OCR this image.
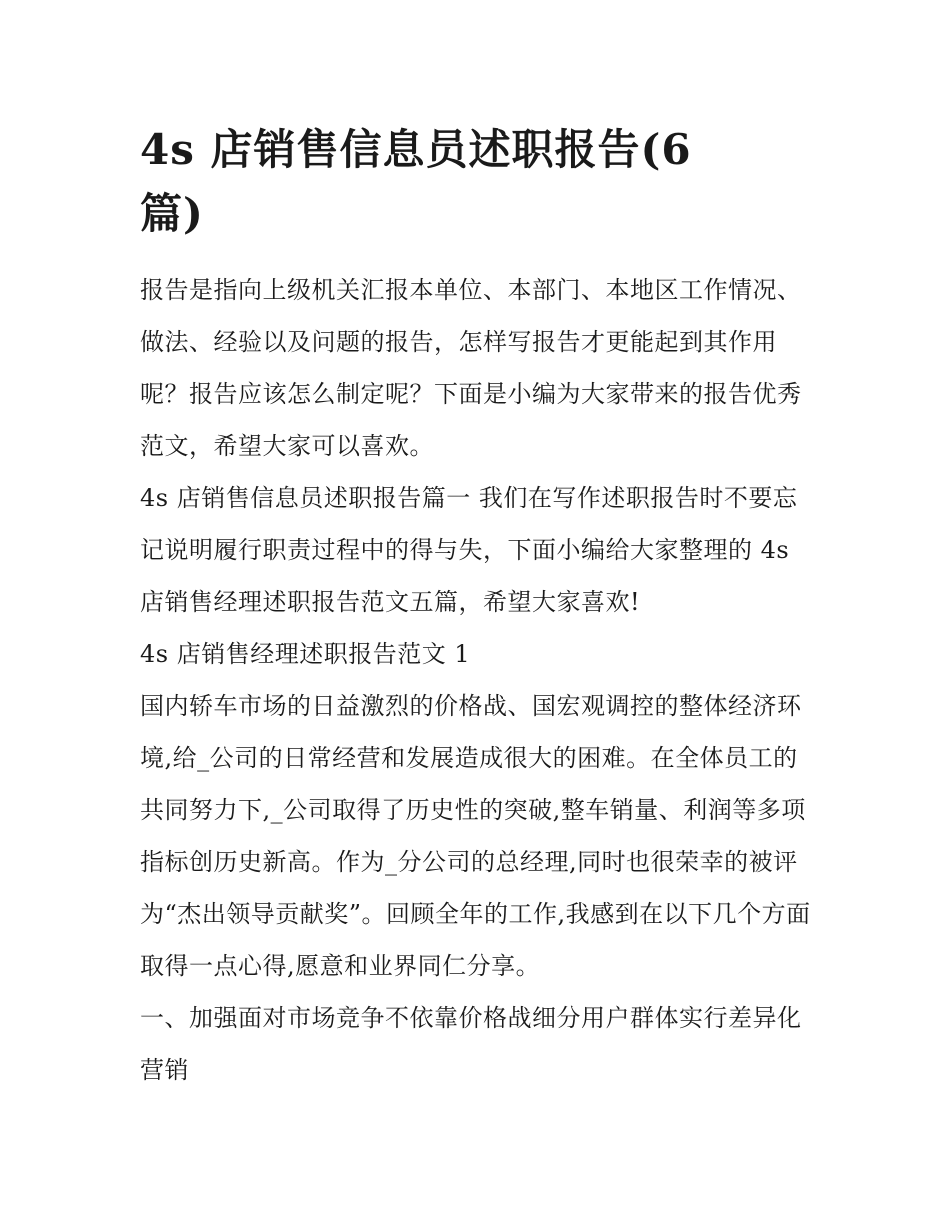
4s 店销售信息员述职报告(6
篇)

报告是指向上级机关汇报本单位、本部门、本地区工作情况、做法、经验以及问题的报告，怎样写报告才更能起到其作用呢？报告应该怎么制定呢？下面是小编为大家带来的报告优秀范文，希望大家可以喜欢。

4s 店销售信息员述职报告篇一 我们在写作述职报告时不要忘记说明履行职责过程中的得与失，下面小编给大家整理的 4s 店销售经理述职报告范文五篇，希望大家喜欢!

4s 店销售经理述职报告范文 1

国内轿车市场的日益激烈的价格战、国宏观调控的整体经济环境,给_公司的日常经营和发展造成很大的困难。在全体员工的共同努力下,_公司取得了历史性的突破,整车销量、利润等多项指标创历史新高。作为_分公司的总经理,同时也很荣幸的被评为“杰出领导贡献奖”。回顾全年的工作,我感到在以下几个方面取得一点心得,愿意和业界同仁分享。

一、加强面对市场竞争不依靠价格战细分用户群体实行差异化营销
